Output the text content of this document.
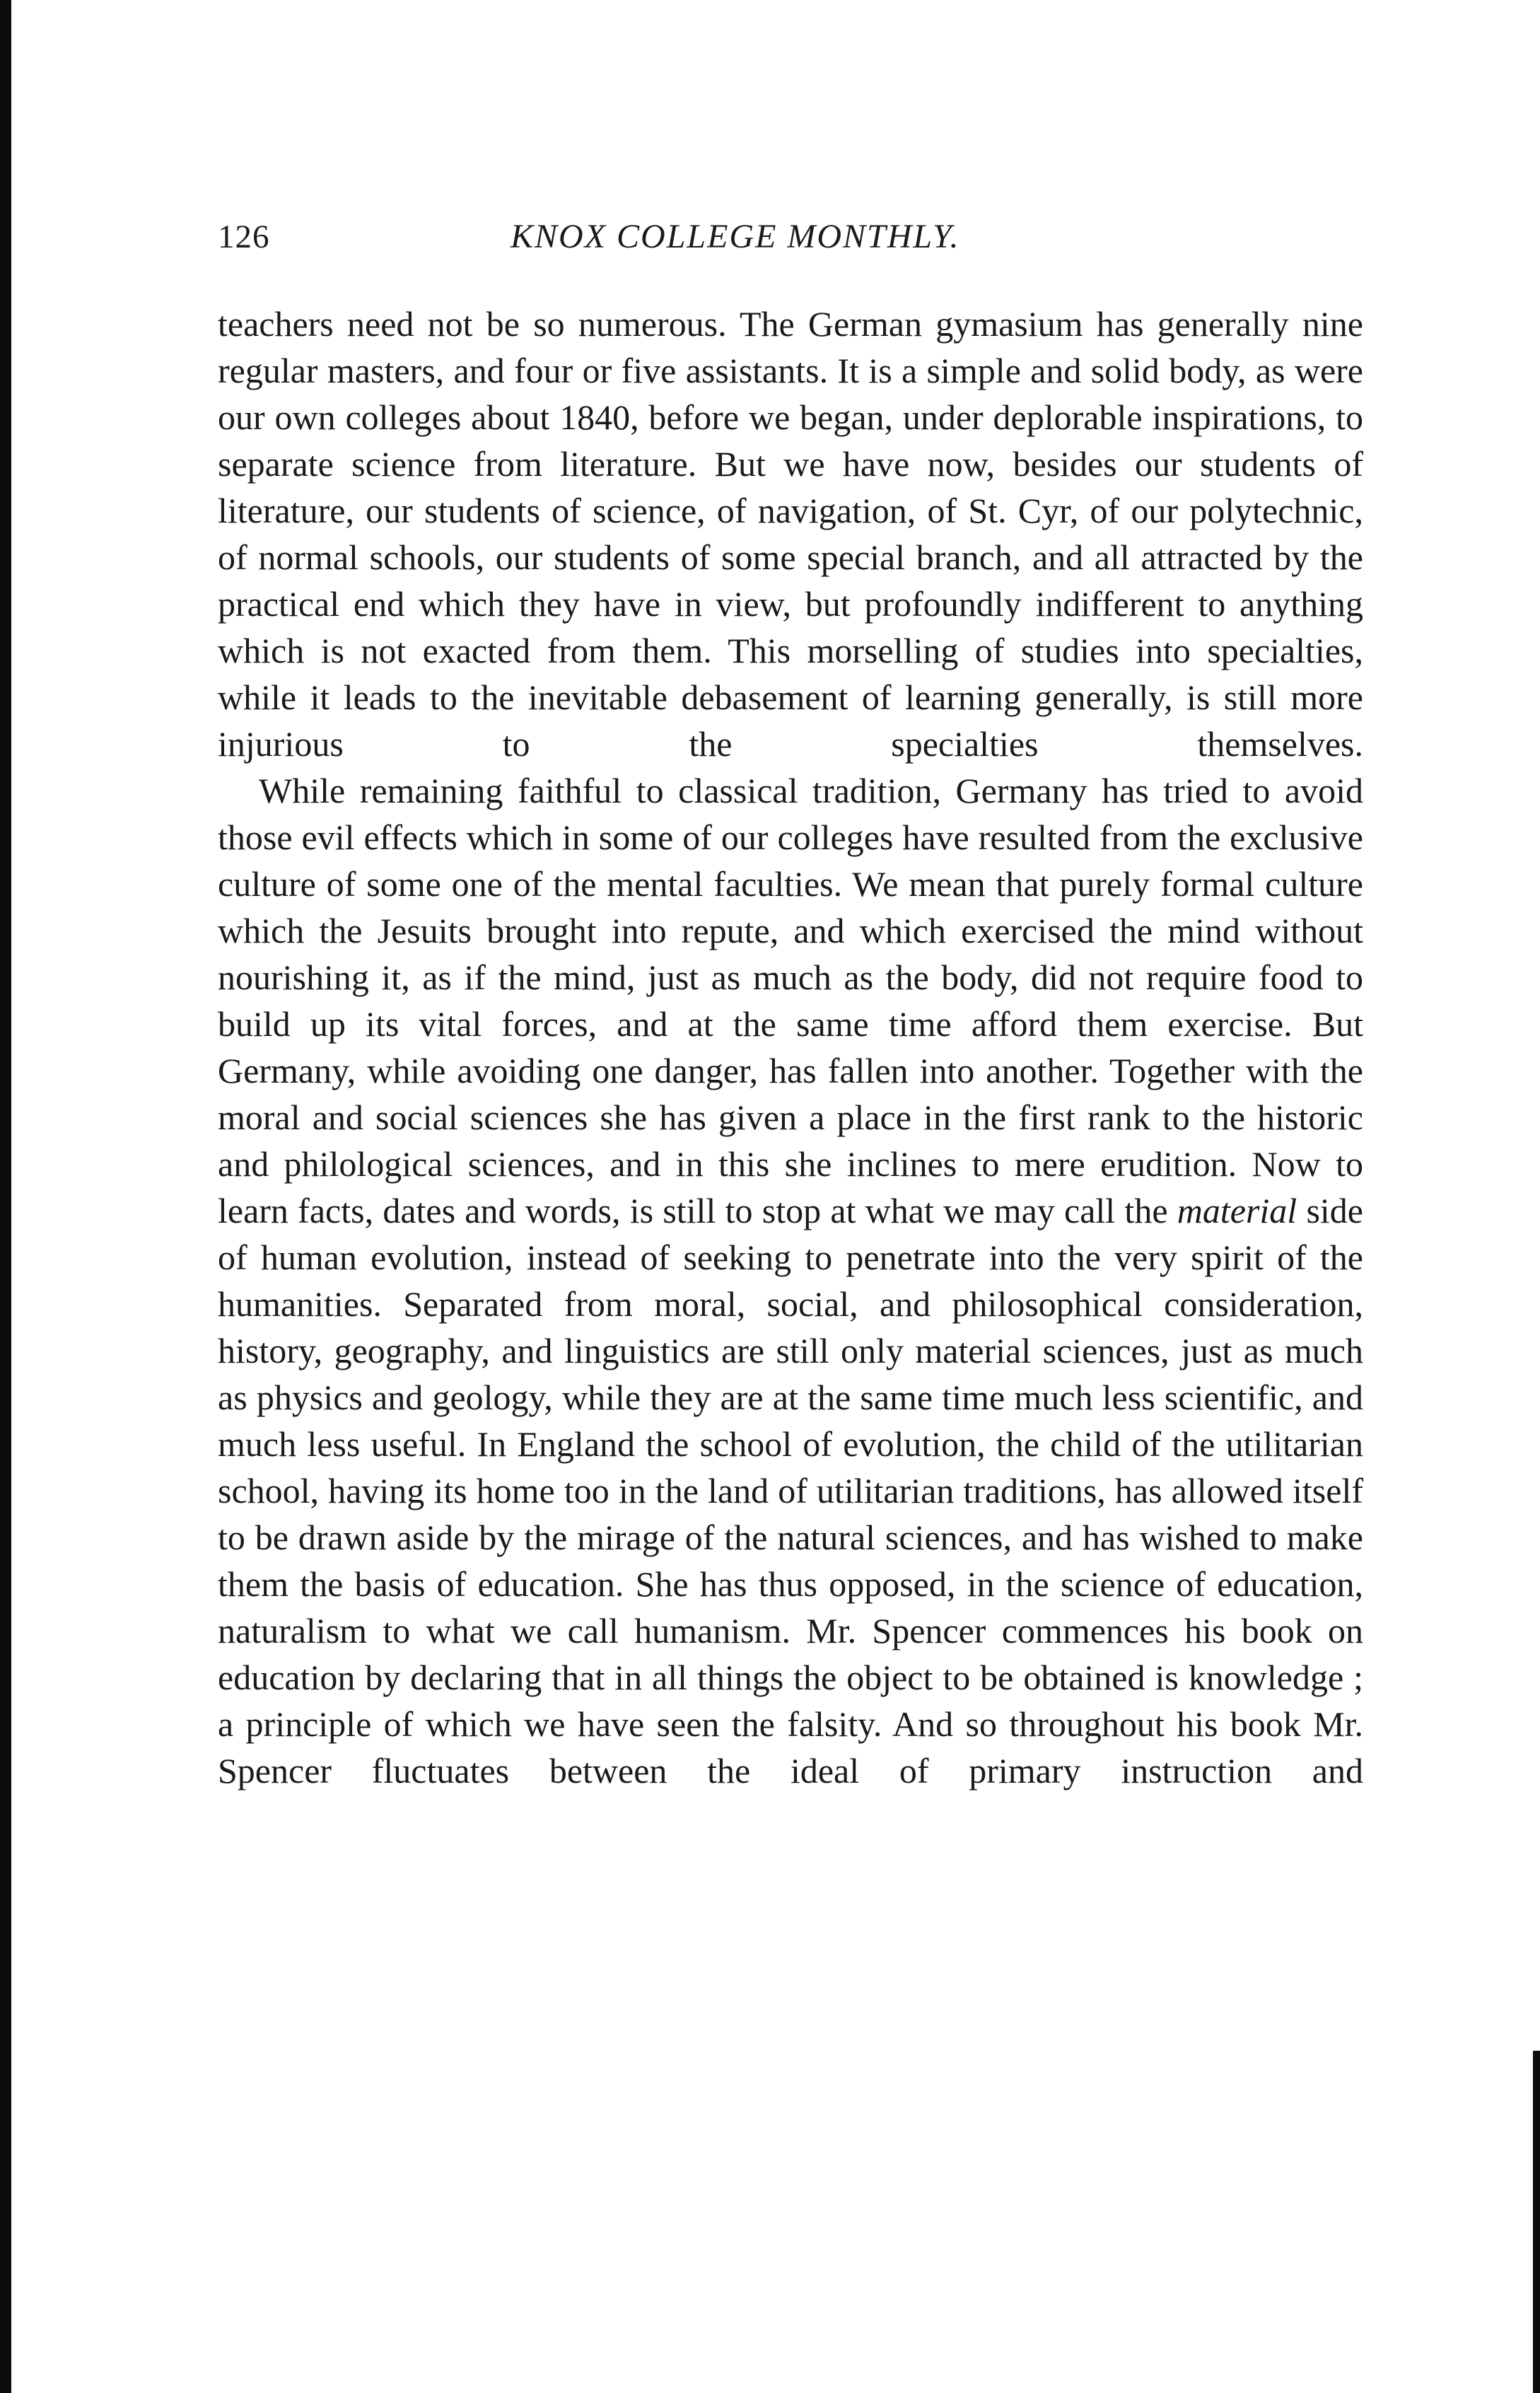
126	KNOX COLLEGE MONTHLY.

teachers need not be so numerous. The German gymasium has generally nine regular masters, and four or five assistants. It is a simple and solid body, as were our own colleges about 1840, before we began, under deplorable inspirations, to separate science from literature. But we have now, besides our students of literature, our students of science, of navigation, of St. Cyr, of our polytechnic, of normal schools, our students of some special branch, and all attracted by the practical end which they have in view, but profoundly indifferent to anything which is not exacted from them. This morselling of studies into specialties, while it leads to the inevitable debasement of learning generally, is still more injurious to the specialties themselves.

While remaining faithful to classical tradition, Germany has tried to avoid those evil effects which in some of our colleges have resulted from the exclusive culture of some one of the mental faculties. We mean that purely formal culture which the Jesuits brought into repute, and which exercised the mind without nourishing it, as if the mind, just as much as the body, did not require food to build up its vital forces, and at the same time afford them exercise. But Germany, while avoiding one danger, has fallen into another. Together with the moral and social sciences she has given a place in the first rank to the historic and philological sciences, and in this she inclines to mere erudition. Now to learn facts, dates and words, is still to stop at what we may call the material side of human evolution, instead of seeking to penetrate into the very spirit of the humanities. Separated from moral, social, and philosophical consideration, history, geography, and linguistics are still only material sciences, just as much as physics and geology, while they are at the same time much less scientific, and much less useful. In England the school of evolution, the child of the utilitarian school, having its home too in the land of utilitarian traditions, has allowed itself to be drawn aside by the mirage of the natural sciences, and has wished to make them the basis of education. She has thus opposed, in the science of education, naturalism to what we call humanism. Mr. Spencer commences his book on education by declaring that in all things the object to be obtained is knowledge ; a principle of which we have seen the falsity. And so throughout his book Mr. Spencer fluctuates between the ideal of primary instruction and
